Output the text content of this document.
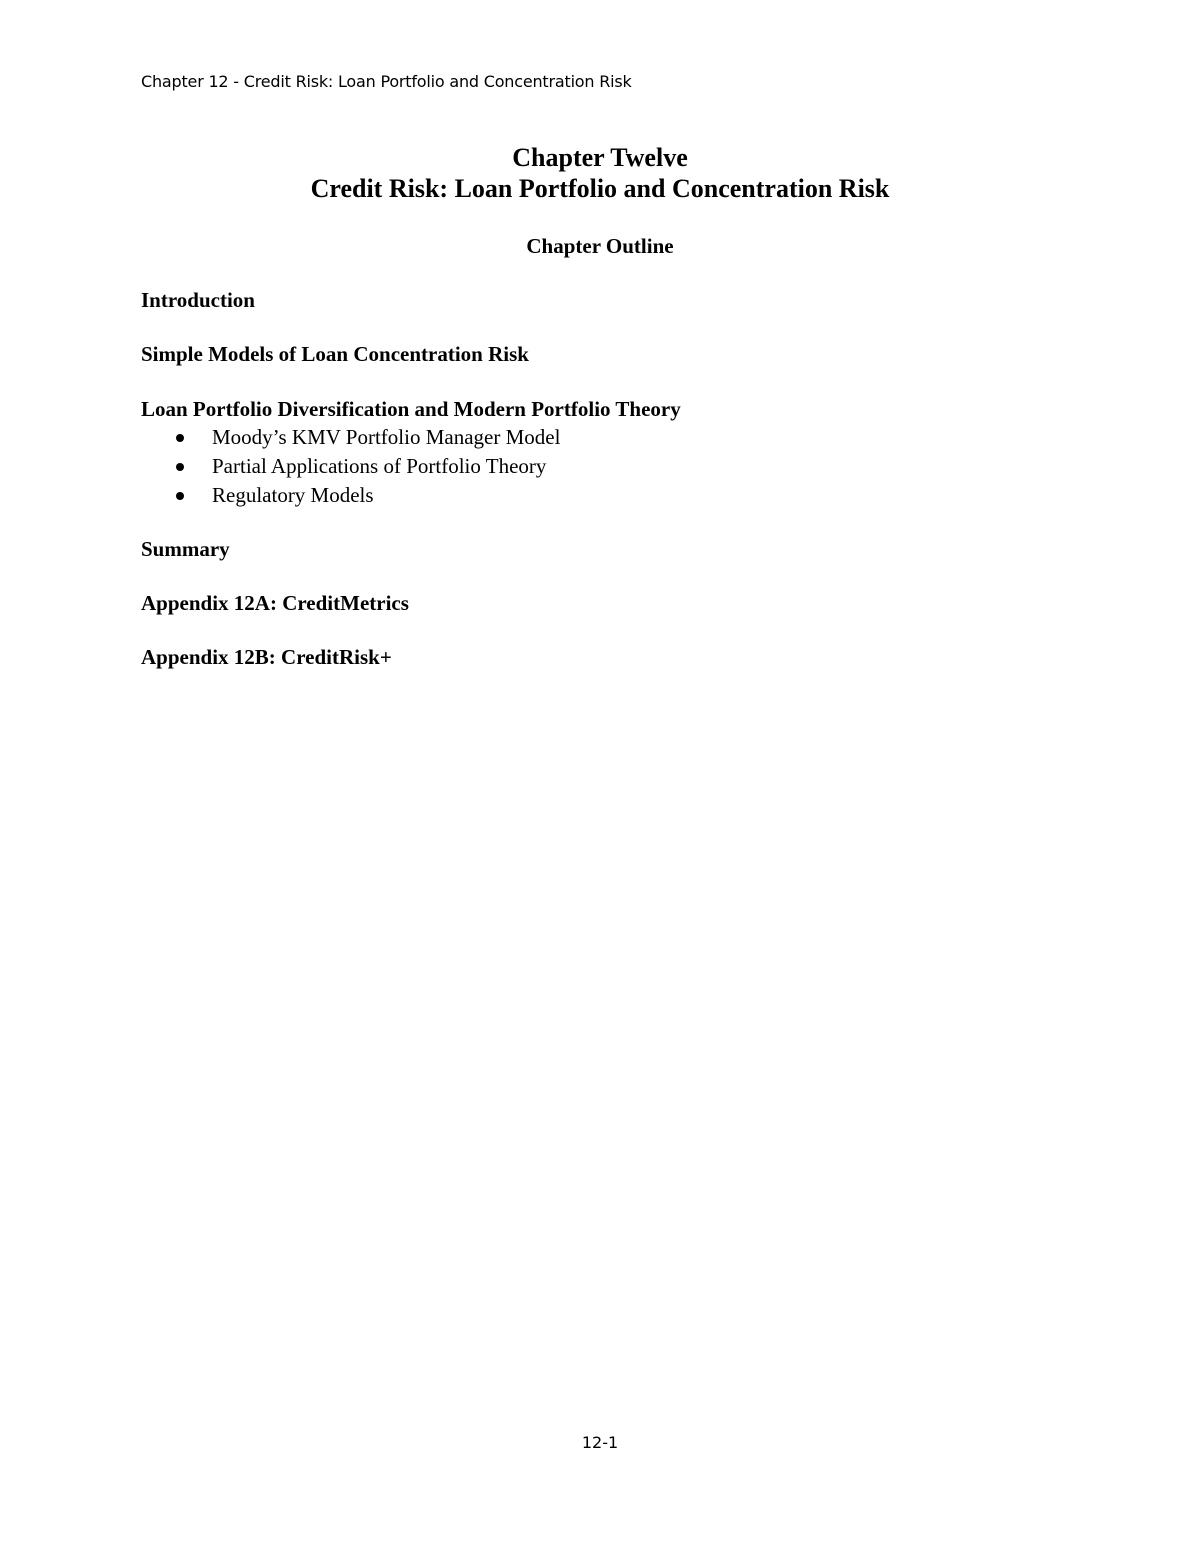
Chapter 12 - Credit Risk: Loan Portfolio and Concentration Risk
Chapter Twelve
Credit Risk: Loan Portfolio and Concentration Risk
Chapter Outline
Introduction
Simple Models of Loan Concentration Risk
Loan Portfolio Diversification and Modern Portfolio Theory
Moody’s KMV Portfolio Manager Model
Partial Applications of Portfolio Theory
Regulatory Models
Summary
Appendix 12A: CreditMetrics
Appendix 12B: CreditRisk+
12-1
